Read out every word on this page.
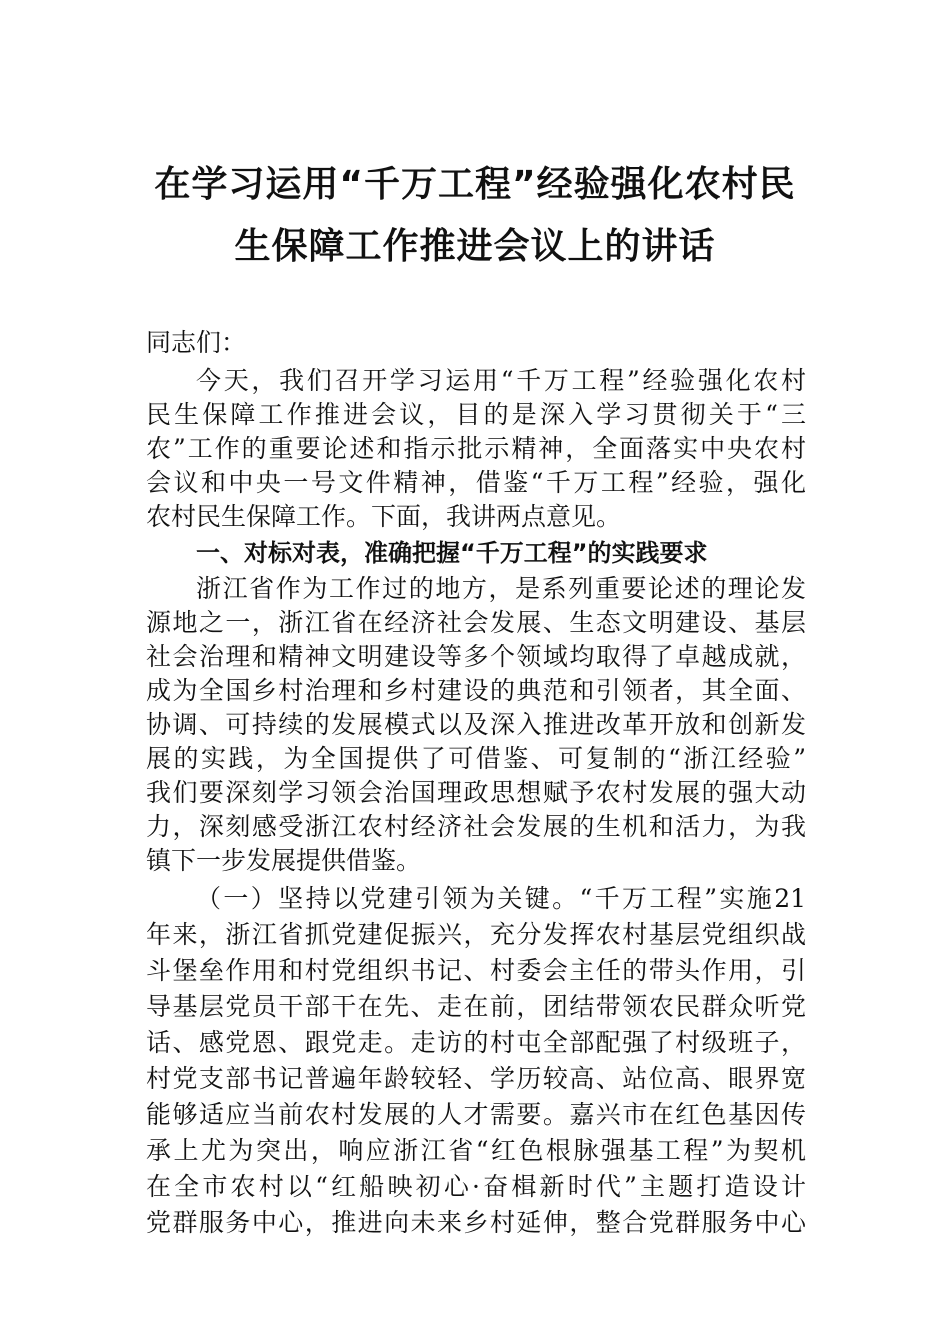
在学习运用“千万工程”经验强化农村民
生保障工作推进会议上的讲话
同志们：
今天，我们召开学习运用“千万工程”经验强化农村
民生保障工作推进会议，目的是深入学习贯彻关于“三
农”工作的重要论述和指示批示精神，全面落实中央农村
会议和中央一号文件精神，借鉴“千万工程”经验，强化
农村民生保障工作。下面，我讲两点意见。
一、对标对表，准确把握“千万工程”的实践要求
浙江省作为工作过的地方，是系列重要论述的理论发
源地之一，浙江省在经济社会发展、生态文明建设、基层
社会治理和精神文明建设等多个领域均取得了卓越成就，
成为全国乡村治理和乡村建设的典范和引领者，其全面、
协调、可持续的发展模式以及深入推进改革开放和创新发
展的实践，为全国提供了可借鉴、可复制的“浙江经验”
我们要深刻学习领会治国理政思想赋予农村发展的强大动
力，深刻感受浙江农村经济社会发展的生机和活力，为我
镇下一步发展提供借鉴。
（一）坚持以党建引领为关键。“千万工程”实施21
年来，浙江省抓党建促振兴，充分发挥农村基层党组织战
斗堡垒作用和村党组织书记、村委会主任的带头作用，引
导基层党员干部干在先、走在前，团结带领农民群众听党
话、感党恩、跟党走。走访的村屯全部配强了村级班子，
村党支部书记普遍年龄较轻、学历较高、站位高、眼界宽
能够适应当前农村发展的人才需要。嘉兴市在红色基因传
承上尤为突出，响应浙江省“红色根脉强基工程”为契机
在全市农村以“红船映初心·奋楫新时代”主题打造设计
党群服务中心，推进向未来乡村延伸，整合党群服务中心
